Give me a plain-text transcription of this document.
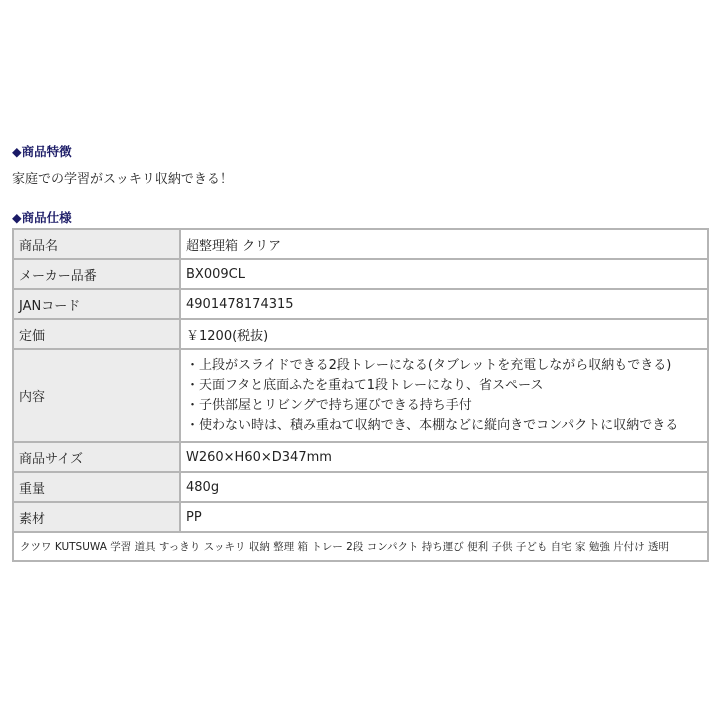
◆商品特徴
家庭での学習がスッキリ収納できる！
◆商品仕様
商品名	超整理箱 クリア
メーカー品番	BX009CL
JANコード	4901478174315
定価	￥1200(税抜)
内容	・上段がスライドできる2段トレーになる(タブレットを充電しながら収納もできる)
・天面フタと底面ふたを重ねて1段トレーになり、省スペース
・子供部屋とリビングで持ち運びできる持ち手付
・使わない時は、積み重ねて収納でき、本棚などに縦向きでコンパクトに収納できる

商品サイズ	W260×H60×D347mm
重量	480g
素材	PP
クツワ KUTSUWA 学習 道具 すっきり スッキリ 収納 整理 箱 トレー 2段 コンパクト 持ち運び 便利 子供 子ども 自宅 家 勉強 片付け 透明	
